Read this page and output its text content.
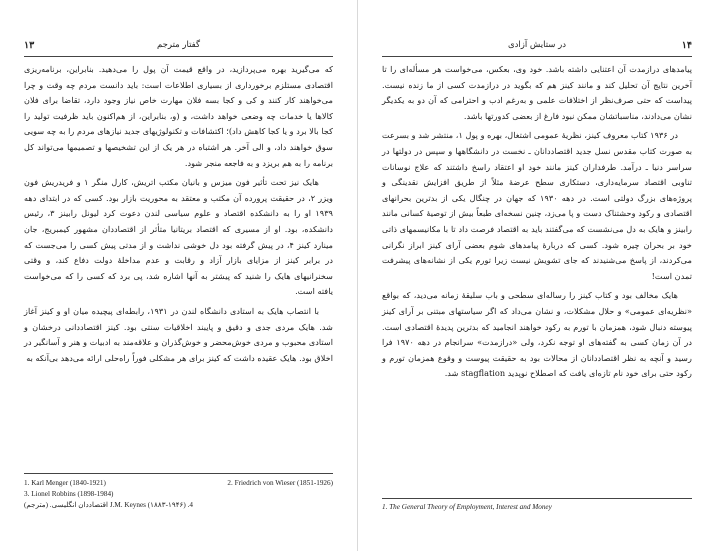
۱۳	گفتار مترجم

که می‌گیرید بهره می‌پردازید، در واقع قیمت آن پول را می‌دهید. بنابراین، برنامه‌ریزی اقتصادی مستلزم برخورداری از بسیاری اطلاعات است: باید دانست مردم چه وقت و چرا می‌خواهند کار کنند و کی و کجا بسه فلان مهارت خاص نیاز وجود دارد، تقاضا برای فلان کالاها یا خدمات چه وضعی خواهد داشت، و (و، بنابراین، از هم‌اکنون باید ظرفیت تولید را کجا بالا برد و یا کجا کاهش داد)؛ اکتشافات و تکنولوژیهای جدید نیازهای مردم را به چه سویی سوق خواهند داد، و الی آخر. هر اشتباه در هر یک از این تشخیصها و تصمیمها می‌تواند کل برنامه را به هم بریزد و به فاجعه منجر شود.

هایک نیز تحت تأثیر فون میزس و بانیان مکتب اتریش، کارل منگر ۱ و فریدریش فون ویزر ۲، در حقیقت پرورده آن مکتب و معتقد به محوریت بازار بود. کسی که در ابتدای دهه ۱۹۳۹ او را به دانشکده اقتصاد و علوم سیاسی لندن دعوت کرد لیونل رابینز ۳، رئیس دانشکده، بود. او از مسیری که اقتصاد بریتانیا متأثر از اقتصاددان مشهور کیمبریج، جان مینارد کینز ۴، در پیش گرفته بود دل خوشی نداشت و از مدتی پیش کسی را می‌جست که در برابر کینز از مزایای بازار آزاد و رقابت و عدم مداخلهٔ دولت دفاع کند، و وقتی سخنرانیهای هایک را شنید که پیشتر به آنها اشاره شد، پی برد که کسی را که می‌خواست یافته است.

با انتصاب هایک به استادی دانشگاه لندن در ۱۹۳۱، رابطه‌ای پیچیده میان او و کینز آغاز شد. هایک مردی جدی و دقیق و پایبند اخلاقیات سنتی بود. کینز اقتصاددانی درخشان و استادی محبوب و مردی خوش‌محضر و خوش‌گذران و علاقه‌مند به ادبیات و هنر و آسانگیر در اخلاق بود. هایک عقیده داشت که کینز برای هر مشکلی فوراً راه‌حلی ارائه می‌دهد بی‌آنکه به

1. Karl Menger (1840-1921)	2. Friedrich von Wieser (1851-1926)
3. Lionel Robbins (1898-1984)
4. J.M. Keynes (۱۸۸۳-۱۹۴۶) اقتصاددان انگلیسی. (مترجم)
۱۴
در ستایش آزادی

پیامدهای درازمدت آن اعتنایی داشته باشد. خود وی، بعکس، می‌خواست هر مسأله‌ای را تا آخرین نتایج آن تحلیل کند و مانند کینز هم که بگوید در درازمدت کسی از ما زنده نیست. پیداست که حتی صرف‌نظر از اختلافات علمی و به‌رغم ادب و احترامی که آن دو به یکدیگر نشان می‌دادند، مناسباتشان ممکن نبود فارغ از بعضی کدورتها باشد.

در ۱۹۳۶ کتاب معروف کینز، نظریهٔ عمومی اشتغال، بهره و پول ۱، منتشر شد و بسرعت به صورت کتاب مقدس نسل جدید اقتصاددانان ـ نخست در دانشگاهها و سپس در دولتها در سراسر دنیا ـ درآمد. طرفداران کینز مانند خود او اعتقاد راسخ داشتند که علاج نوسانات تناوبی اقتصاد سرمایه‌داری، دستکاری سطح عرضهٔ مثلاً از طریق افزایش نقدینگی و پروژه‌های بزرگ دولتی است. در دهه ۱۹۳۰ که جهان در چنگال یکی از بدترین بحرانهای اقتصادی و رکود وحشتناک دست و پا می‌زد، چنین نسخه‌ای طبعاً بیش از توصیهٔ کسانی مانند رابینز و هایک به دل می‌نشست که می‌گفتند باید به اقتصاد فرصت داد تا با مکانیسمهای ذاتی خود بر بحران چیره شود. کسی که دربارهٔ پیامدهای شوم بعضی آرای کینز ابراز نگرانی می‌کردند، از پاسخ می‌شنیدند که جای تشویش نیست زیرا تورم یکی از نشانه‌های پیشرفت تمدن است!

هایک مخالف بود و کتاب کینز را رساله‌ای سطحی و باب سلیقهٔ زمانه می‌دید، که بواقع «نظریه‌ای عمومی» و حلال مشکلات، و نشان می‌داد که اگر سیاستهای مبتنی بر آرای کینز پیوسته دنبال شود، همزمان با تورم به رکود خواهند انجامید که بدترین پدیدهٔ اقتصادی است. در آن زمان کسی به گفته‌های او توجه نکرد، ولی «درازمدت» سرانجام در دهه ۱۹۷۰ فرا رسید و آنچه به نظر اقتصاددانان از محالات بود به حقیقت پیوست و وقوع همزمان تورم و رکود حتی برای خود نام تازه‌ای یافت که اصطلاح نوپدید stagflation شد.

1. The General Theory of Employment, Interest and Money
